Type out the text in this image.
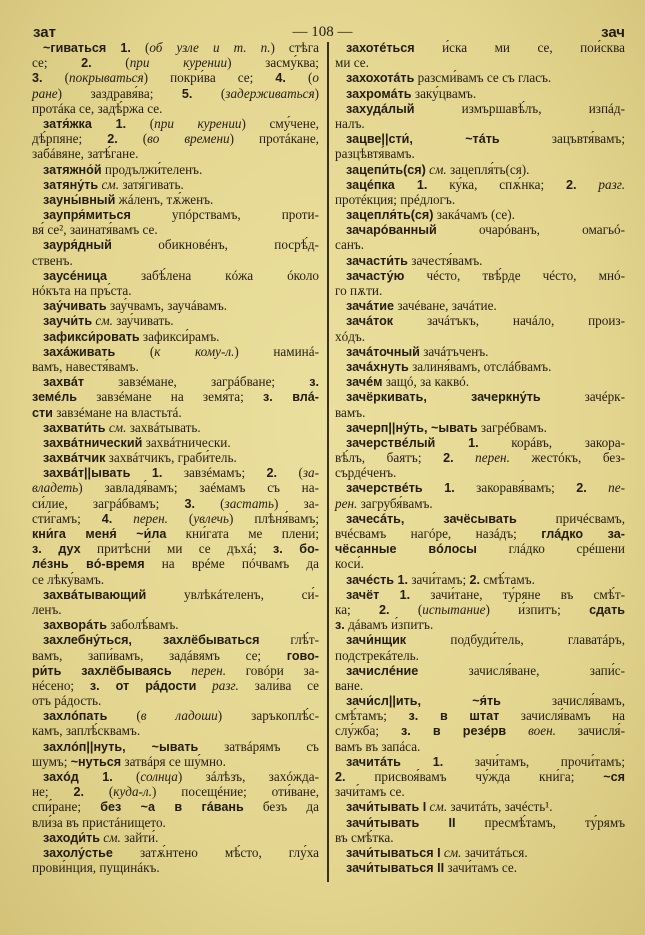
зат	— 108 —	зач
~гиваться 1. (об узле и т. п.) стѣга
се; 2. (при курении) засму́ква;
3. (покрываться) покри́ва се; 4. (о
ране) заздравя́ва; 5. (задерживаться)
протáка се, задѣ́ржа се.
затя́жка 1. (при курении) сму́чене,
дѣ́рпяне; 2. (во времени) протáкане,
забáвяне, затѣ́гане.
затяжно́й продължи́теленъ.
затяну́ть см. затя́гивать.
зауны́вный жáленъ, тѫ́женъ.
заупря́миться упóрствамъ, проти-
вя́ се², заинатя́вамъ се.
зауря́дный обикновéнъ, посрѣ́д-
ственъ.
заусéница забѣ́лена кóжа óколо
нóкъта на пръ́ста.
зау́чивать зау́чвамъ, заучáвамъ.
заучи́ть см. зау́чивать.
зафикси́ровать зафикси́рамъ.
захáживать (к кому-л.) наминá-
вамъ, навестя́вамъ.
захвáт завзéмане, загрáбване; з.
земéль завзéмане на земя́та; з. влá-
сти завзéмане на властьтá.
захвати́ть см. захвáтывать.
захвáтнический захвáтнически.
захвáтчик захвáтчикъ, граби́тель.
захвáт||ывать 1. завзéмамъ; 2. (за-
владеть) завладя́вамъ; заéмамъ съ на-
си́лие, загрáбвамъ; 3. (застать) за-
сти́гамъ; 4. перен. (увлечь) плѣня́вамъ;
кни́га меня́ ~и́ла кни́гата ме плени́;
з. дух притѣсни́ ми се дъхá; з. бо-
лéзнь вó-время на врéме пóчвамъ да
се лѣку́вамъ.
захвáтывающий увлѣкáтеленъ, си́-
ленъ.
захворáть заболѣ́вамъ.
захлебну́ться, захлёбываться глѣ́т-
вамъ, запи́вамъ, задáвямъ се; гово-
ри́ть захлёбываясь перен. говóри за-
нéсено; з. от рáдости разг. зали́ва се
отъ рáдость.
захлóпать (в ладоши) заръкоплѣ́с-
камъ, заплѣ́сквамъ.
захлóп||нуть, ~ывать затвáрямъ съ
шумъ; ~нуться затвáря се шу́мно.
захóд 1. (солнца) зáлѣзъ, захóжда-
не; 2. (куда-л.) посещéние; оти́ване,
спи́ране; без ~а в гáвань безъ да
вли́за въ пристáнището.
заходи́ть см. зайти́.
захолу́стье затѫ́нтено мѣ́сто, глу́ха
прови́нция, пущинáкъ.
захотéться и́ска ми се, пои́сква
ми се.
захохотáть разсми́вамъ се съ гласъ.
захромáть заку́цвамъ.
захудáлый измършавѣ́лъ, изпáд-
налъ.
зацве||сти́, ~тáть зацъвтя́вамъ;
разцѣвтя́вамъ.
зацепи́ть(ся) см. зацепля́ть(ся).
зацéпка 1. ку́ка, спѫ́нка; 2. разг.
протéкция; прéдлогъ.
зацепля́ть(ся) закáчамъ (се).
зачарóванный очарóванъ, омагьó-
санъ.
зачасти́ть зачестя́вамъ.
зачасту́ю чéсто, твѣ́рде чéсто, мнó-
го пѫти.
зачáтие зачéване, зачáтие.
зачáток зачáтъкъ, начáло, произ-
хóдъ.
зачáточный зачáтъченъ.
зачáхнуть залиня́вамъ, отслáбвамъ.
зачéм защó, за каквó.
зачёркивать, зачеркну́ть зачéрк-
вамъ.
зачерп||ну́ть, ~ывать загрéбвамъ.
зачерствéлый 1. корáвъ, закора-
вѣ́лъ, баятъ; 2. перен. жестóкъ, без-
сърдéченъ.
зачерствéть 1. закоравя́вамъ; 2. пе-
рен. загрубя́вамъ.
зачесáть, зачёсывать причéсвамъ,
вчéсвамъ нагóре, назáдъ; глáдко за-
чёсанные вóлосы глáдко срéшени
коси́.
зачéсть 1. зачи́тамъ; 2. смѣ́тамъ.
зачёт 1. зачи́тане, ту́ряне въ смѣ́т-
ка; 2. (испытание) и́зпитъ; сдать
з. дáвамъ и́зпитъ.
зачи́нщик подбуди́тель, главатáръ,
подстрекáтель.
зачислéние зачисля́ване, запи́с-
ване.
зачи́сл||ить, ~я́ть зачисля́вамъ,
смѣ́тамъ; з. в штат зачисля́вамъ на
слу́жба; з. в резéрв воен. зачисля́-
вамъ въ запáса.
зачитáть 1. зачи́тамъ, прочи́тамъ;
2. присвоя́вамъ чу́жда кни́га; ~ся
зачи́тамъ се.
зачи́тывать I см. зачитáть, зачéсть¹.
зачи́тывать II пресмѣ́тамъ, ту́рямъ
въ смѣ́тка.
зачи́тываться I см. зачитáться.
зачи́тываться II зачи́тамъ се.
